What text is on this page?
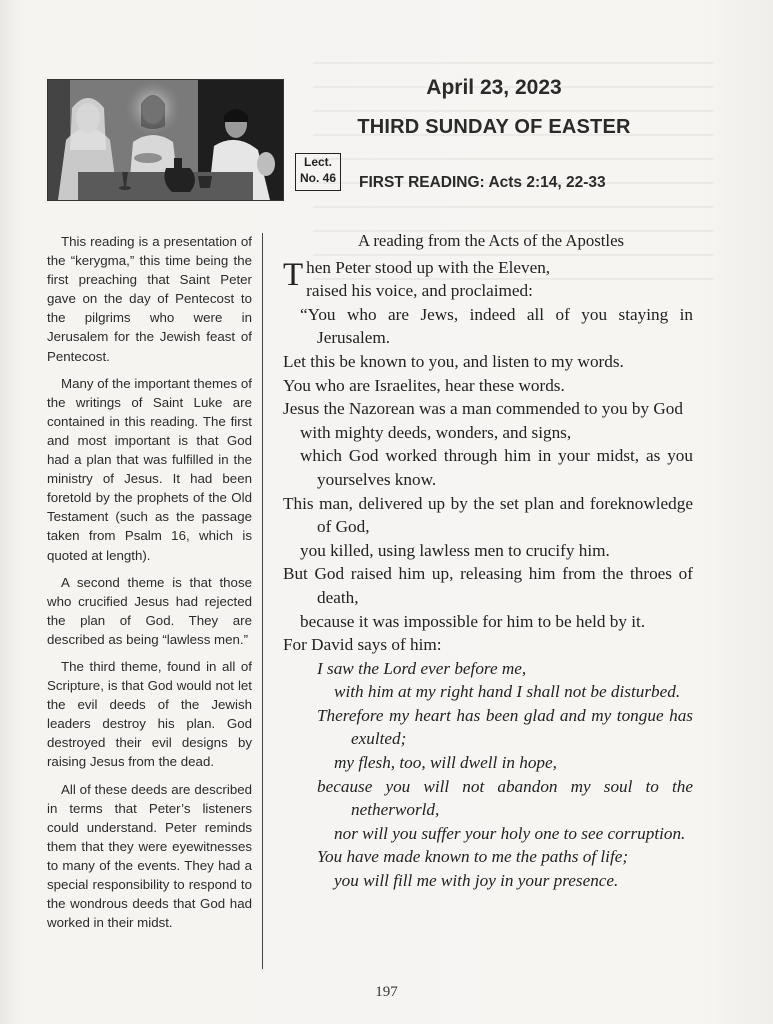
April 23, 2023
THIRD SUNDAY OF EASTER
Lect.
No. 46 FIRST READING: Acts 2:14, 22-33

This reading is a presentation of the “kerygma,” this time being the first preaching that Saint Peter gave on the day of Pentecost to the pilgrims who were in Jerusalem for the Jewish feast of Pentecost.

Many of the important themes of the writings of Saint Luke are contained in this reading. The first and most important is that God had a plan that was fulfilled in the ministry of Jesus. It had been foretold by the prophets of the Old Testament (such as the passage taken from Psalm 16, which is quoted at length).

A second theme is that those who crucified Jesus had rejected the plan of God. They are described as being “lawless men.”

The third theme, found in all of Scripture, is that God would not let the evil deeds of the Jewish leaders destroy his plan. God destroyed their evil designs by raising Jesus from the dead.

All of these deeds are described in terms that Peter’s listeners could understand. Peter reminds them that they were eyewitnesses to many of the events. They had a special responsibility to respond to the wondrous deeds that God had worked in their midst.

A reading from the Acts of the Apostles
Then Peter stood up with the Eleven,
raised his voice, and proclaimed:
“You who are Jews, indeed all of you staying in Jerusalem.
Let this be known to you, and listen to my words.
You who are Israelites, hear these words.
Jesus the Nazorean was a man commended to you by God
with mighty deeds, wonders, and signs,
which God worked through him in your midst, as you yourselves know.
This man, delivered up by the set plan and foreknowledge of God,
you killed, using lawless men to crucify him.
But God raised him up, releasing him from the throes of death,
because it was impossible for him to be held by it.
For David says of him:
I saw the Lord ever before me,
with him at my right hand I shall not be disturbed.
Therefore my heart has been glad and my tongue has exulted;
my flesh, too, will dwell in hope,
because you will not abandon my soul to the netherworld,
nor will you suffer your holy one to see corruption.
You have made known to me the paths of life;
you will fill me with joy in your presence.
197
